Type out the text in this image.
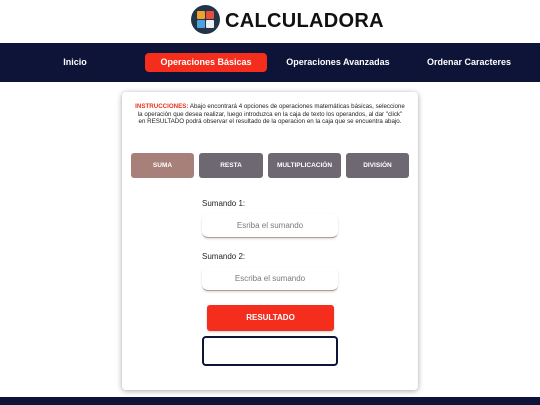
CALCULADORA
Inicio	Operaciones Básicas	Operaciones Avanzadas	Ordenar Caracteres

INSTRUCCIONES: Abajo encontrará 4 opciones de operaciones matemáticas básicas, seleccione la operación que desea realizar, luego introduzca en la caja de texto los operandos, al dar "click" en RESULTADO podrá observar el resultado de la operacion en la caja que se encuentra abajo.

SUMA	RESTA	MULTIPLICACIÓN	DIVISIÓN
Sumando 1:
Esriba el sumando
Sumando 2:
Escriba el sumando
RESULTADO
